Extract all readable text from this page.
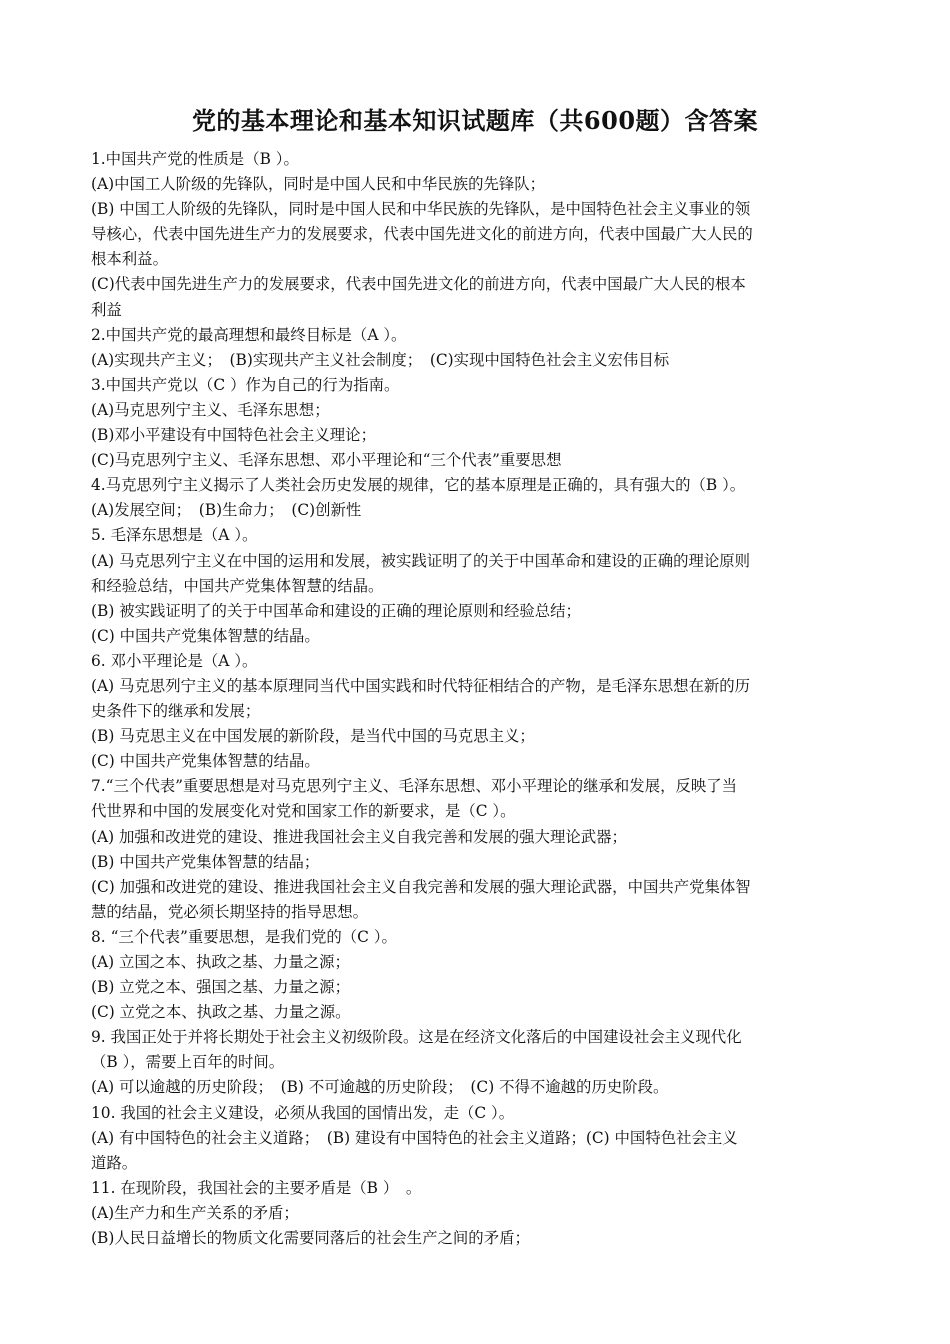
党的基本理论和基本知识试题库（共600题）含答案
1.中国共产党的性质是（B ）。
(A)中国工人阶级的先锋队，同时是中国人民和中华民族的先锋队；
(B) 中国工人阶级的先锋队，同时是中国人民和中华民族的先锋队，是中国特色社会主义事业的领
导核心，代表中国先进生产力的发展要求，代表中国先进文化的前进方向，代表中国最广大人民的
根本利益。
(C)代表中国先进生产力的发展要求，代表中国先进文化的前进方向，代表中国最广大人民的根本
利益
2.中国共产党的最高理想和最终目标是（A ）。
(A)实现共产主义；　(B)实现共产主义社会制度；　(C)实现中国特色社会主义宏伟目标
3.中国共产党以（C ）作为自己的行为指南。
(A)马克思列宁主义、毛泽东思想；
(B)邓小平建设有中国特色社会主义理论；
(C)马克思列宁主义、毛泽东思想、邓小平理论和“三个代表”重要思想
4.马克思列宁主义揭示了人类社会历史发展的规律，它的基本原理是正确的，具有强大的（B ）。
(A)发展空间；　(B)生命力；　(C)创新性
5. 毛泽东思想是（A ）。
(A) 马克思列宁主义在中国的运用和发展，被实践证明了的关于中国革命和建设的正确的理论原则
和经验总结，中国共产党集体智慧的结晶。
(B) 被实践证明了的关于中国革命和建设的正确的理论原则和经验总结；
(C) 中国共产党集体智慧的结晶。
6. 邓小平理论是（A ）。
(A) 马克思列宁主义的基本原理同当代中国实践和时代特征相结合的产物，是毛泽东思想在新的历
史条件下的继承和发展；
(B) 马克思主义在中国发展的新阶段，是当代中国的马克思主义；
(C) 中国共产党集体智慧的结晶。
7.“三个代表”重要思想是对马克思列宁主义、毛泽东思想、邓小平理论的继承和发展，反映了当
代世界和中国的发展变化对党和国家工作的新要求，是（C ）。
(A) 加强和改进党的建设、推进我国社会主义自我完善和发展的强大理论武器；
(B) 中国共产党集体智慧的结晶；
(C) 加强和改进党的建设、推进我国社会主义自我完善和发展的强大理论武器，中国共产党集体智
慧的结晶，党必须长期坚持的指导思想。
8. “三个代表”重要思想，是我们党的（C ）。
(A) 立国之本、执政之基、力量之源；
(B) 立党之本、强国之基、力量之源；
(C) 立党之本、执政之基、力量之源。
9. 我国正处于并将长期处于社会主义初级阶段。这是在经济文化落后的中国建设社会主义现代化
（B ），需要上百年的时间。
(A) 可以逾越的历史阶段；　(B) 不可逾越的历史阶段；　(C) 不得不逾越的历史阶段。
10. 我国的社会主义建设，必须从我国的国情出发，走（C ）。
(A) 有中国特色的社会主义道路；　(B) 建设有中国特色的社会主义道路；(C) 中国特色社会主义
道路。
11. 在现阶段，我国社会的主要矛盾是（B ）　。
(A)生产力和生产关系的矛盾；
(B)人民日益增长的物质文化需要同落后的社会生产之间的矛盾；
